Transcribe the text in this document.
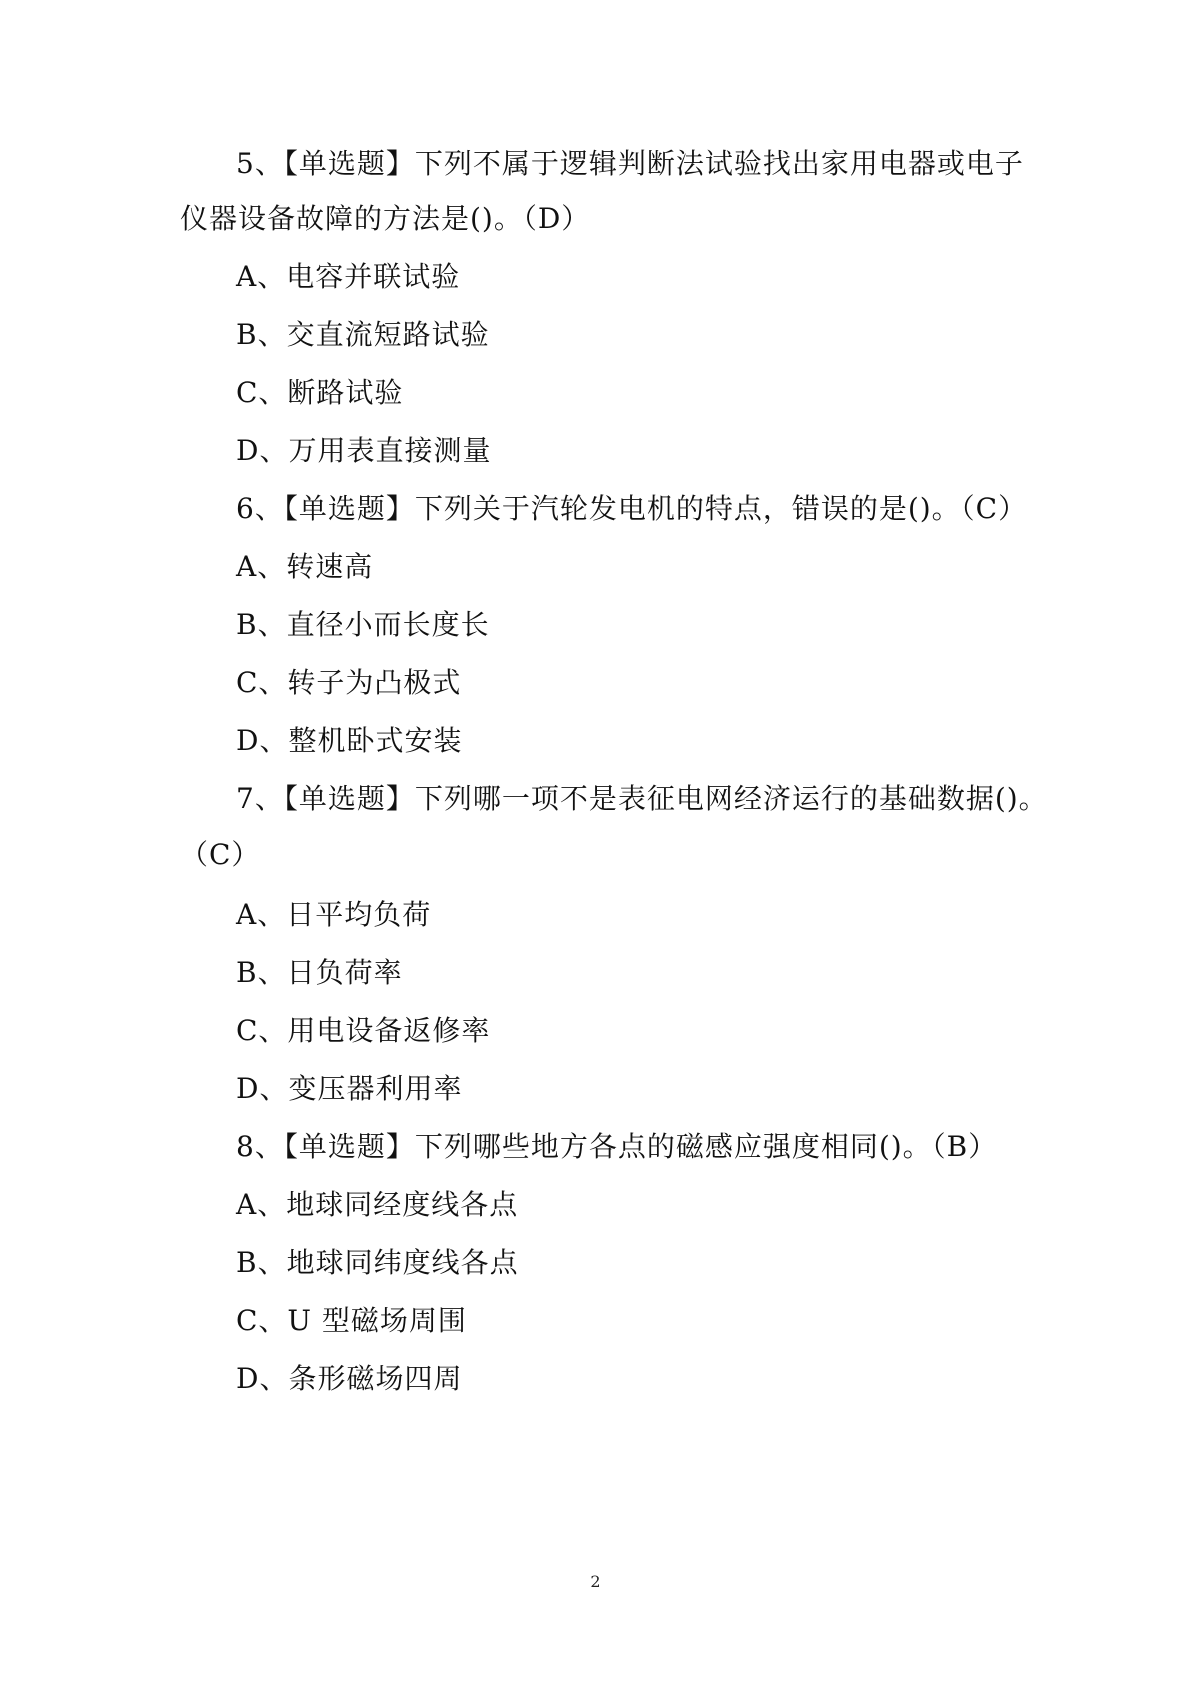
5、【单选题】下列不属于逻辑判断法试验找出家用电器或电子
仪器设备故障的方法是()。（D）
A、电容并联试验
B、交直流短路试验
C、断路试验
D、万用表直接测量
6、【单选题】下列关于汽轮发电机的特点，错误的是()。（C）
A、转速高
B、直径小而长度长
C、转子为凸极式
D、整机卧式安装
7、【单选题】下列哪一项不是表征电网经济运行的基础数据()。
（C）
A、日平均负荷
B、日负荷率
C、用电设备返修率
D、变压器利用率
8、【单选题】下列哪些地方各点的磁感应强度相同()。（B）
A、地球同经度线各点
B、地球同纬度线各点
C、U 型磁场周围
D、条形磁场四周
2
